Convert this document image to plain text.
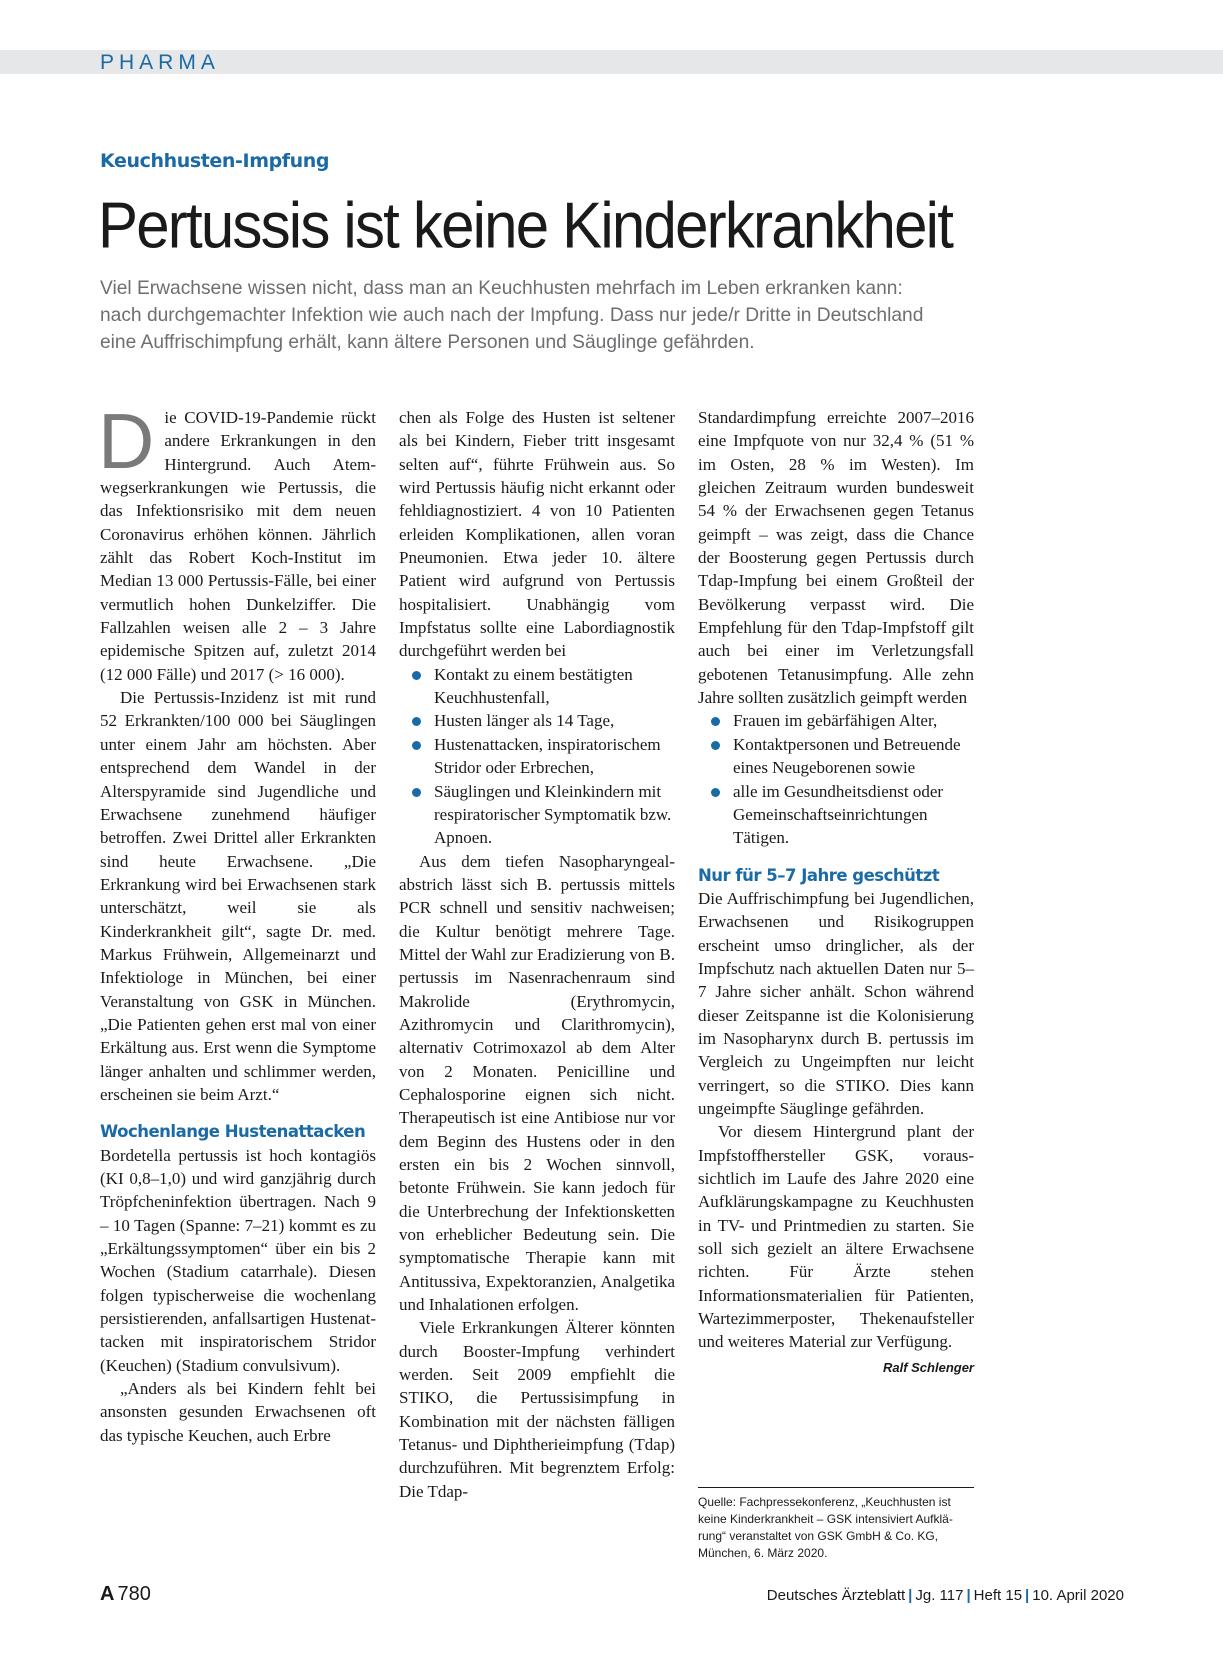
PHARMA
Keuchhusten-Impfung
Pertussis ist keine Kinderkrankheit
Viel Erwachsene wissen nicht, dass man an Keuchhusten mehrfach im Leben erkranken kann:
nach durchgemachter Infektion wie auch nach der Impfung. Dass nur jede/r Dritte in Deutschland
eine Auffrischimpfung erhält, kann ältere Personen und Säuglinge gefährden.

Die COVID-19-Pandemie rückt andere Erkrankungen in den Hintergrund. Auch Atemwegserkrankungen wie Pertussis, die das Infektionsrisiko mit dem neuen Coronavirus erhöhen können. Jährlich zählt das Robert Koch-Institut im Median 13 000 Pertussis-Fälle, bei einer vermutlich hohen Dunkelziffer. Die Fallzahlen weisen alle 2 – 3 Jahre epidemische Spitzen auf, zuletzt 2014 (12 000 Fälle) und 2017 (> 16 000).

Die Pertussis-Inzidenz ist mit rund 52 Erkrankten/100 000 bei Säuglingen unter einem Jahr am höchsten. Aber entsprechend dem Wandel in der Alterspyramide sind Jugendliche und Erwachsene zunehmend häufiger betroffen. Zwei Drittel aller Erkrankten sind heute Erwachsene. „Die Erkrankung wird bei Erwachsenen stark unterschätzt, weil sie als Kinderkrankheit gilt“, sagte Dr. med. Markus Frühwein, Allgemeinarzt und Infektiologe in München, bei einer Veranstaltung von GSK in München. „Die Patienten gehen erst mal von einer Erkältung aus. Erst wenn die Symptome länger anhalten und schlimmer werden, erscheinen sie beim Arzt.“

Wochenlange Hustenattacken

Bordetella pertussis ist hoch kontagiös (KI 0,8–1,0) und wird ganzjährig durch Tröpfcheninfektion übertragen. Nach 9 – 10 Tagen (Spanne: 7–21) kommt es zu „Erkältungssymptomen“ über ein bis 2 Wochen (Stadium catarrhale). Diesen folgen typischerweise die wochenlang persistierenden, anfallsartigen Hustenattacken mit inspiratorischem Stridor (Keuchen) (Stadium convulsivum).

„Anders als bei Kindern fehlt bei ansonsten gesunden Erwachsenen oft das typische Keuchen, auch Erbre

chen als Folge des Husten ist seltener als bei Kindern, Fieber tritt insgesamt selten auf“, führte Frühwein aus. So wird Pertussis häufig nicht erkannt oder fehldiagnostiziert. 4 von 10 Patienten erleiden Komplikationen, allen voran Pneumonien. Etwa jeder 10. ältere Patient wird aufgrund von Pertussis hospitalisiert. Unabhängig vom Impfstatus sollte eine Labordiagnostik durchgeführt werden bei

Kontakt zu einem bestätigten Keuchhustenfall,
Husten länger als 14 Tage,
Hustenattacken, inspiratorischem Stridor oder Erbrechen,
Säuglingen und Kleinkindern mit respiratorischer Symptomatik bzw. Apnoen.

Aus dem tiefen Nasopharyngealabstrich lässt sich B. pertussis mittels PCR schnell und sensitiv nachweisen; die Kultur benötigt mehrere Tage. Mittel der Wahl zur Eradizierung von B. pertussis im Nasenrachenraum sind Makrolide (Erythromycin, Azithromycin und Clarithromycin), alternativ Cotrimoxazol ab dem Alter von 2 Monaten. Penicilline und Cephalosporine eignen sich nicht. Therapeutisch ist eine Antibiose nur vor dem Beginn des Hustens oder in den ersten ein bis 2 Wochen sinnvoll, betonte Frühwein. Sie kann jedoch für die Unterbrechung der Infektionsketten von erheblicher Bedeutung sein. Die symptomatische Therapie kann mit Antitussiva, Expektoranzien, Analgetika und Inhalationen erfolgen.

Viele Erkrankungen Älterer könnten durch Booster-Impfung verhindert werden. Seit 2009 empfiehlt die STIKO, die Pertussisimpfung in Kombination mit der nächsten fälligen Tetanus- und Diphtherieimpfung (Tdap) durchzuführen. Mit begrenztem Erfolg: Die Tdap-

Standardimpfung erreichte 2007–2016 eine Impfquote von nur 32,4 % (51 % im Osten, 28 % im Westen). Im gleichen Zeitraum wurden bundesweit 54 % der Erwachsenen gegen Tetanus geimpft – was zeigt, dass die Chance der Boosterung gegen Pertussis durch Tdap-Impfung bei einem Großteil der Bevölkerung verpasst wird. Die Empfehlung für den Tdap-Impfstoff gilt auch bei einer im Verletzungsfall gebotenen Tetanusimpfung. Alle zehn Jahre sollten zusätzlich geimpft werden

Frauen im gebärfähigen Alter,
Kontaktpersonen und Betreuende eines Neugeborenen sowie
alle im Gesundheitsdienst oder Gemeinschaftseinrichtungen Tätigen.
Nur für 5–7 Jahre geschützt

Die Auffrischimpfung bei Jugendlichen, Erwachsenen und Risikogruppen erscheint umso dringlicher, als der Impfschutz nach aktuellen Daten nur 5–7 Jahre sicher anhält. Schon während dieser Zeitspanne ist die Kolonisierung im Nasopharynx durch B. pertussis im Vergleich zu Ungeimpften nur leicht verringert, so die STIKO. Dies kann ungeimpfte Säuglinge gefährden.

Vor diesem Hintergrund plant der Impfstoffhersteller GSK, voraussichtlich im Laufe des Jahre 2020 eine Aufklärungskampagne zu Keuchhusten in TV- und Printmedien zu starten. Sie soll sich gezielt an ältere Erwachsene richten. Für Ärzte stehen Informationsmaterialien für Patienten, Wartezimmerposter, Thekenaufsteller und weiteres Material zur Verfügung.
Ralf Schlenger

Quelle: Fachpressekonferenz, „Keuchhusten ist keine Kinderkrankheit – GSK intensiviert Aufklärung“ veranstaltet von GSK GmbH & Co. KG, München, 6. März 2020.
A 780	Deutsches Ärzteblatt | Jg. 117 | Heft 15 | 10. April 2020
